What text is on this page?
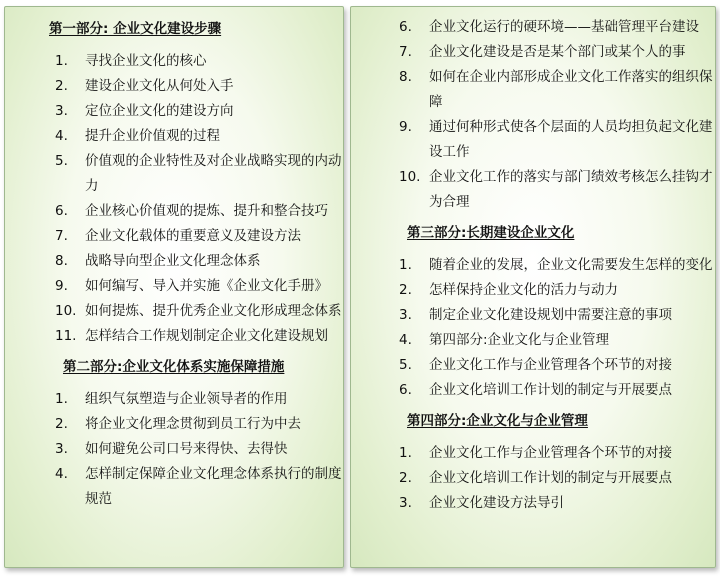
第一部分: 企业文化建设步骤

1. 寻找企业文化的核心
2. 建设企业文化从何处入手
3. 定位企业文化的建设方向
4. 提升企业价值观的过程
5. 价值观的企业特性及对企业战略实现的内动力
6. 企业核心价值观的提炼、提升和整合技巧
7. 企业文化载体的重要意义及建设方法
8. 战略导向型企业文化理念体系
9. 如何编写、导入并实施《企业文化手册》
10. 如何提炼、提升优秀企业文化形成理念体系
11. 怎样结合工作规划制定企业文化建设规划

第二部分:企业文化体系实施保障措施

1. 组织气氛塑造与企业领导者的作用
2. 将企业文化理念贯彻到员工行为中去
3. 如何避免公司口号来得快、去得快
4. 怎样制定保障企业文化理念体系执行的制度规范
6. 企业文化运行的硬环境——基础管理平台建设
7. 企业文化建设是否是某个部门或某个人的事
8. 如何在企业内部形成企业文化工作落实的组织保障
9. 通过何种形式使各个层面的人员均担负起文化建设工作
10. 企业文化工作的落实与部门绩效考核怎么挂钩才为合理

第三部分:长期建设企业文化

1. 随着企业的发展，企业文化需要发生怎样的变化
2. 怎样保持企业文化的活力与动力
3. 制定企业文化建设规划中需要注意的事项
4. 第四部分:企业文化与企业管理
5. 企业文化工作与企业管理各个环节的对接
6. 企业文化培训工作计划的制定与开展要点

第四部分:企业文化与企业管理

1. 企业文化工作与企业管理各个环节的对接
2. 企业文化培训工作计划的制定与开展要点
3. 企业文化建设方法导引
